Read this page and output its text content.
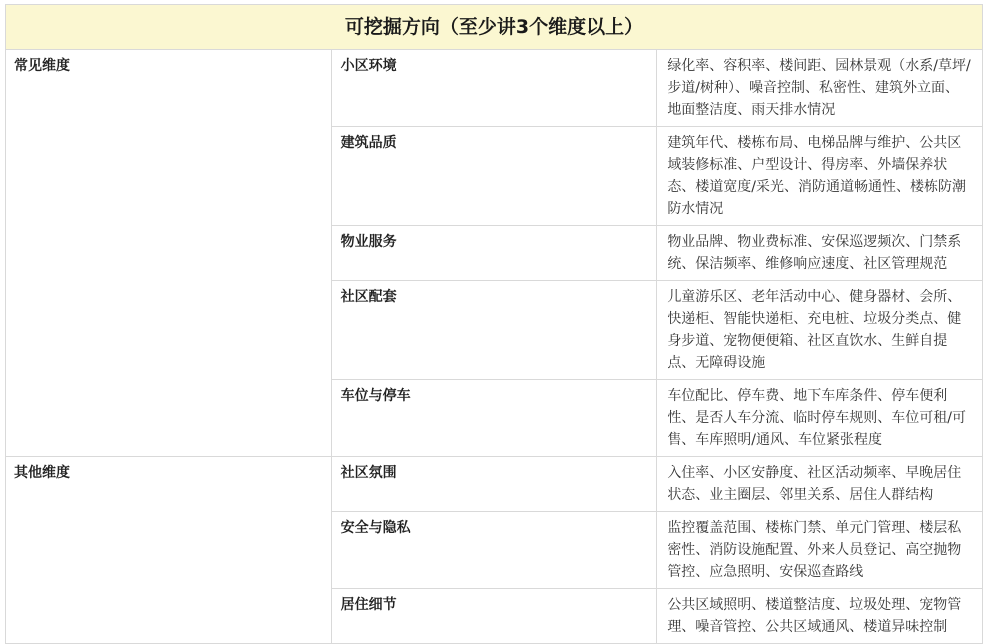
可挖掘方向（至少讲3个维度以上）		
常见维度	小区环境	绿化率、容积率、楼间距、园林景观（水系/草坪/步道/树种）、噪音控制、私密性、建筑外立面、地面整洁度、雨天排水情况
	建筑品质	建筑年代、楼栋布局、电梯品牌与维护、公共区域装修标准、户型设计、得房率、外墙保养状态、楼道宽度/采光、消防通道畅通性、楼栋防潮防水情况
	物业服务	物业品牌、物业费标准、安保巡逻频次、门禁系统、保洁频率、维修响应速度、社区管理规范
	社区配套	儿童游乐区、老年活动中心、健身器材、会所、快递柜、智能快递柜、充电桩、垃圾分类点、健身步道、宠物便便箱、社区直饮水、生鲜自提点、无障碍设施
	车位与停车	车位配比、停车费、地下车库条件、停车便利性、是否人车分流、临时停车规则、车位可租/可售、车库照明/通风、车位紧张程度
其他维度	社区氛围	入住率、小区安静度、社区活动频率、早晚居住状态、业主圈层、邻里关系、居住人群结构
	安全与隐私	监控覆盖范围、楼栋门禁、单元门管理、楼层私密性、消防设施配置、外来人员登记、高空抛物管控、应急照明、安保巡查路线
	居住细节	公共区域照明、楼道整洁度、垃圾处理、宠物管理、噪音管控、公共区域通风、楼道异味控制
